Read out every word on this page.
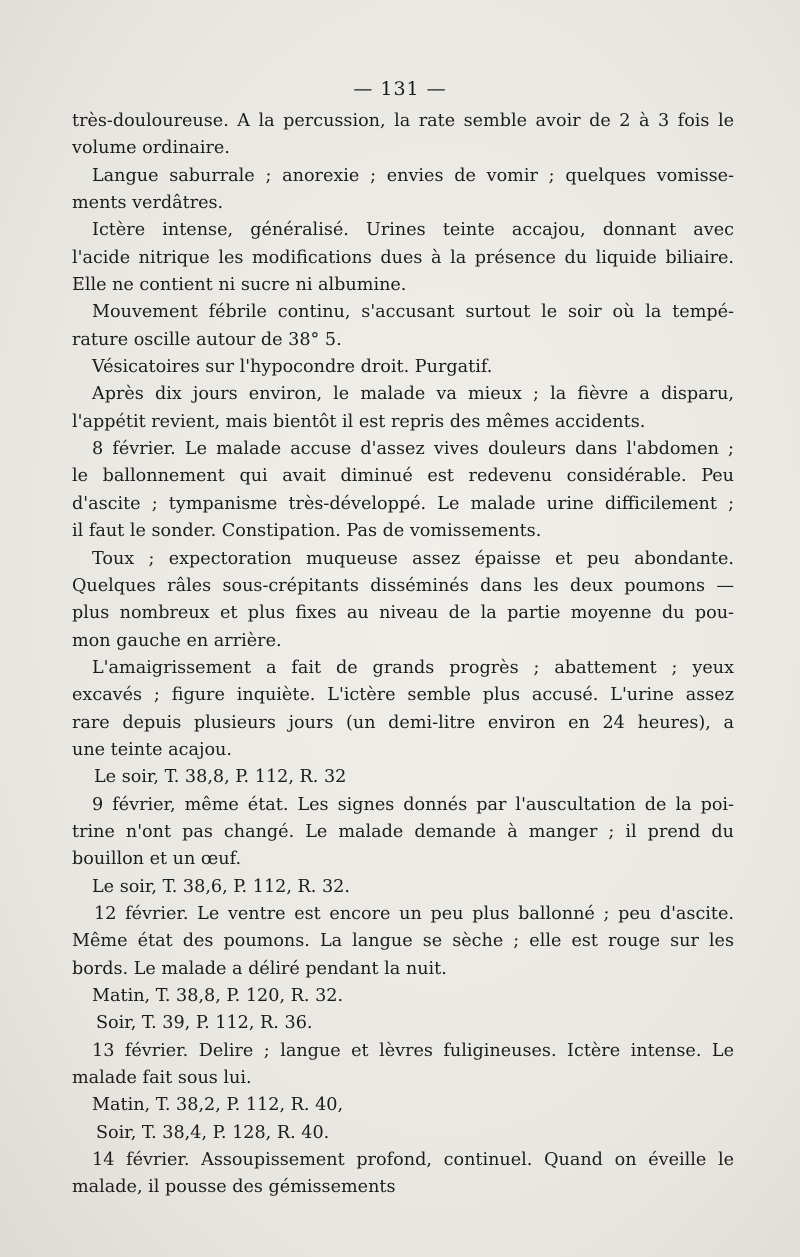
— 131 —
très-douloureuse. A la percussion, la rate semble avoir de 2 à 3 fois le
volume ordinaire.
Langue saburrale ; anorexie ; envies de vomir ; quelques vomisse-
ments verdâtres.
Ictère intense, généralisé. Urines teinte accajou, donnant avec
l'acide nitrique les modifications dues à la présence du liquide biliaire.
Elle ne contient ni sucre ni albumine.
Mouvement fébrile continu, s'accusant surtout le soir où la tempé-
rature oscille autour de 38° 5.
Vésicatoires sur l'hypocondre droit. Purgatif.
Après dix jours environ, le malade va mieux ; la fièvre a disparu,
l'appétit revient, mais bientôt il est repris des mêmes accidents.
8 février. Le malade accuse d'assez vives douleurs dans l'abdomen ;
le ballonnement qui avait diminué est redevenu considérable. Peu
d'ascite ; tympanisme très-développé. Le malade urine difficilement ;
il faut le sonder. Constipation. Pas de vomissements.
Toux ; expectoration muqueuse assez épaisse et peu abondante.
Quelques râles sous-crépitants disséminés dans les deux poumons —
plus nombreux et plus fixes au niveau de la partie moyenne du pou-
mon gauche en arrière.
L'amaigrissement a fait de grands progrès ; abattement ; yeux
excavés ; figure inquiète. L'ictère semble plus accusé. L'urine assez
rare depuis plusieurs jours (un demi-litre environ en 24 heures), a
une teinte acajou.
Le soir, T. 38,8, P. 112, R. 32
9 février, même état. Les signes donnés par l'auscultation de la poi-
trine n'ont pas changé. Le malade demande à manger ; il prend du
bouillon et un œuf.
Le soir, T. 38,6, P. 112, R. 32.
12 février. Le ventre est encore un peu plus ballonné ; peu d'ascite.
Même état des poumons. La langue se sèche ; elle est rouge sur les
bords. Le malade a déliré pendant la nuit.
Matin, T. 38,8, P. 120, R. 32.
Soir, T. 39, P. 112, R. 36.
13 février. Delire ; langue et lèvres fuligineuses. Ictère intense. Le
malade fait sous lui.
Matin, T. 38,2, P. 112, R. 40,
Soir, T. 38,4, P. 128, R. 40.
14 février. Assoupissement profond, continuel. Quand on éveille le
malade, il pousse des gémissements
